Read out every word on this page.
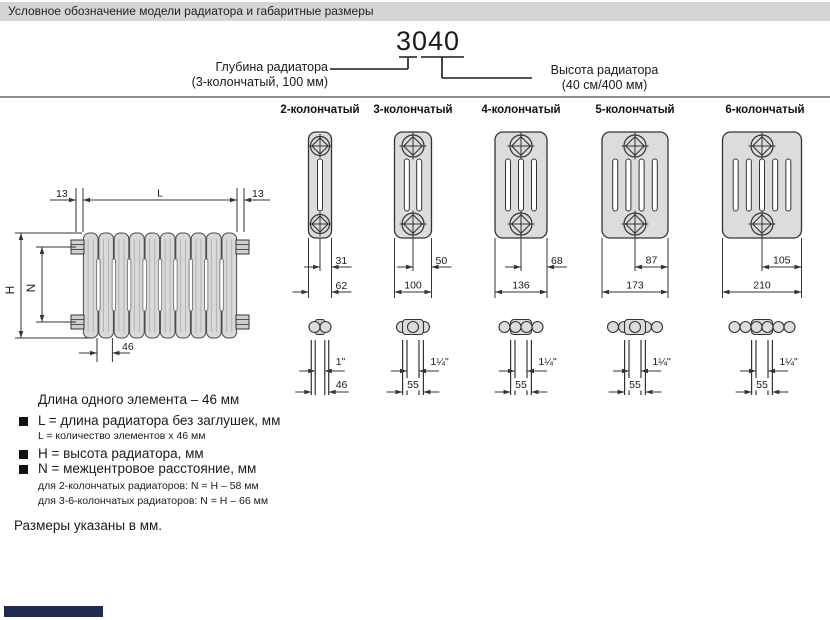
Условное обозначение модели радиатора и габаритные размеры
3040
Глубина радиатора
(3-колончатый, 100 мм)
Высота радиатора
(40 см/400 мм)
2-колончатый	3-колончатый	4-колончатый	5-колончатый	6-колончатый
31
62
1"
46
50
100
1¼"
55
68
136
1¼"
55
87
173
1¼"
55
105
210
1¼"
55
L
13	13
H N
46
Длина одного элемента – 46 мм
L = длина радиатора без заглушек, мм
L = количество элементов x 46 мм
H = высота радиатора, мм
N = межцентровое расстояние, мм
для 2-колончатых радиаторов: N = H – 58 мм
для 3-6-колончатых радиаторов: N = H – 66 мм
Размеры указаны в мм.
